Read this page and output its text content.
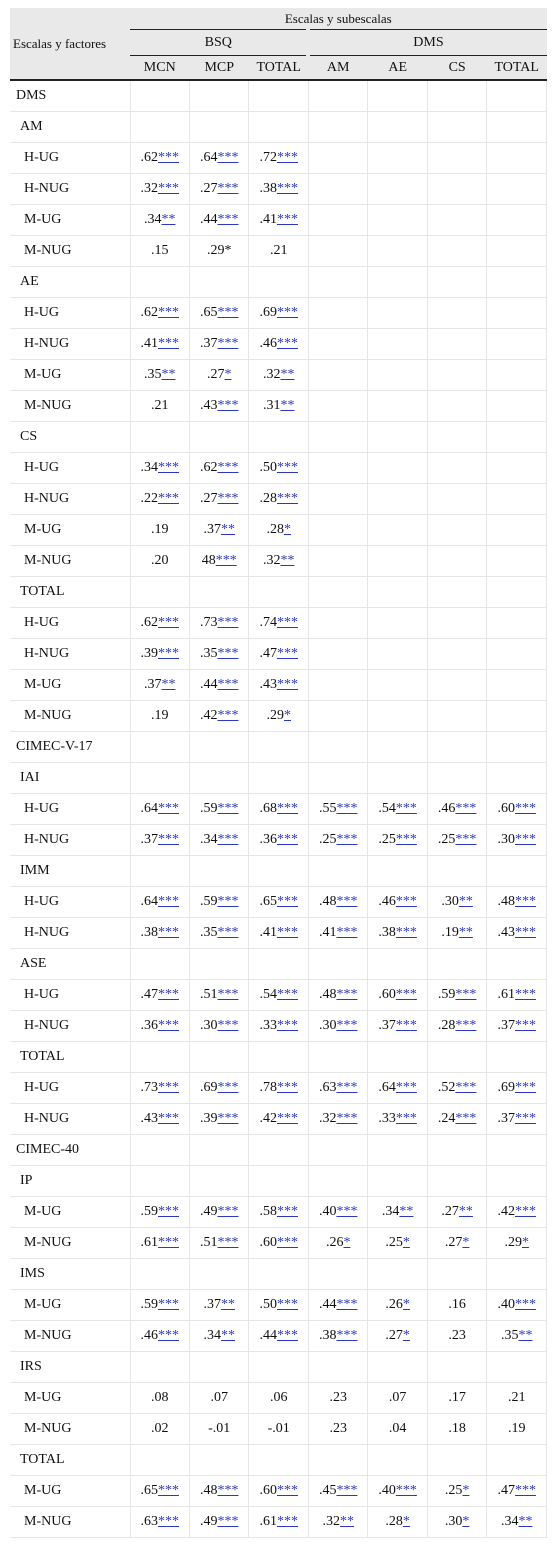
Escalas y factores	Escalas y subescalas						
	BSQ			DMS			
	MCN	MCP	TOTAL	AM	AE	CS	TOTAL
DMS							
AM							
H-UG	.62***	.64***	.72***				
H-NUG	.32***	.27***	.38***				
M-UG	.34**	.44***	.41***				
M-NUG	.15	.29*	.21				
AE							
H-UG	.62***	.65***	.69***				
H-NUG	.41***	.37***	.46***				
M-UG	.35**	.27*	.32**				
M-NUG	.21	.43***	.31**				
CS							
H-UG	.34***	.62***	.50***				
H-NUG	.22***	.27***	.28***				
M-UG	.19	.37**	.28*				
M-NUG	.20	48***	.32**				
TOTAL							
H-UG	.62***	.73***	.74***				
H-NUG	.39***	.35***	.47***				
M-UG	.37**	.44***	.43***				
M-NUG	.19	.42***	.29*				
CIMEC-V-17							
IAI							
H-UG	.64***	.59***	.68***	.55***	.54***	.46***	.60***
H-NUG	.37***	.34***	.36***	.25***	.25***	.25***	.30***
IMM							
H-UG	.64***	.59***	.65***	.48***	.46***	.30**	.48***
H-NUG	.38***	.35***	.41***	.41***	.38***	.19**	.43***
ASE							
H-UG	.47***	.51***	.54***	.48***	.60***	.59***	.61***
H-NUG	.36***	.30***	.33***	.30***	.37***	.28***	.37***
TOTAL							
H-UG	.73***	.69***	.78***	.63***	.64***	.52***	.69***
H-NUG	.43***	.39***	.42***	.32***	.33***	.24***	.37***
CIMEC-40							
IP							
M-UG	.59***	.49***	.58***	.40***	.34**	.27**	.42***
M-NUG	.61***	.51***	.60***	.26*	.25*	.27*	.29*
IMS							
M-UG	.59***	.37**	.50***	.44***	.26*	.16	.40***
M-NUG	.46***	.34**	.44***	.38***	.27*	.23	.35**
IRS							
M-UG	.08	.07	.06	.23	.07	.17	.21
M-NUG	.02	-.01	-.01	.23	.04	.18	.19
TOTAL							
M-UG	.65***	.48***	.60***	.45***	.40***	.25*	.47***
M-NUG	.63***	.49***	.61***	.32**	.28*	.30*	.34**
